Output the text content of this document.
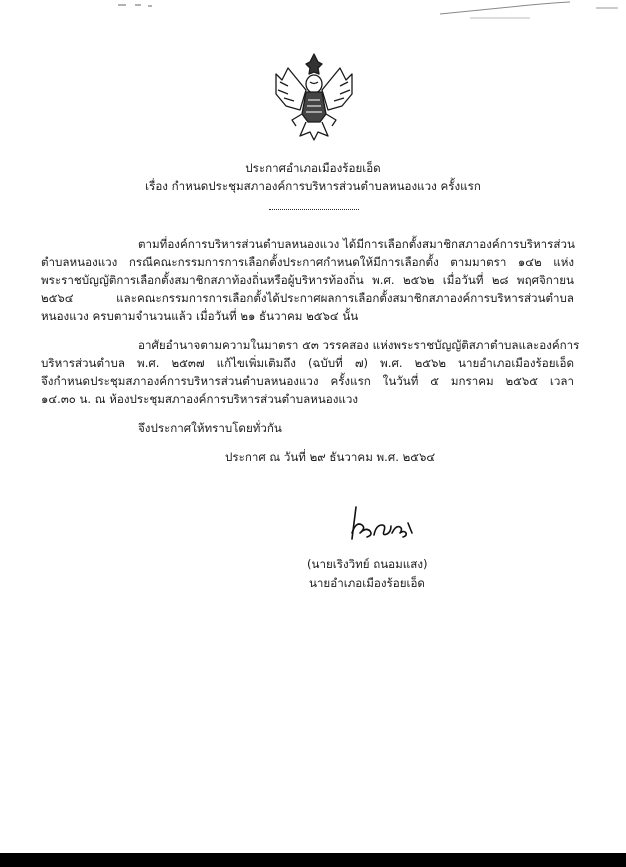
ประกาศอำเภอเมืองร้อยเอ็ด
เรื่อง กำหนดประชุมสภาองค์การบริหารส่วนตำบลหนองแวง ครั้งแรก
ตามที่องค์การบริหารส่วนตำบลหนองแวง ได้มีการเลือกตั้งสมาชิกสภาองค์การบริหารส่วน
ตำบลหนองแวง กรณีคณะกรรมการการเลือกตั้งประกาศกำหนดให้มีการเลือกตั้ง ตามมาตรา ๑๔๒ แห่ง
พระราชบัญญัติการเลือกตั้งสมาชิกสภาท้องถิ่นหรือผู้บริหารท้องถิ่น พ.ศ. ๒๕๖๒ เมื่อวันที่ ๒๘ พฤศจิกายน
๒๕๖๔ และคณะกรรมการการเลือกตั้งได้ประกาศผลการเลือกตั้งสมาชิกสภาองค์การบริหารส่วนตำบล
หนองแวง ครบตามจำนวนแล้ว เมื่อวันที่ ๒๑ ธันวาคม ๒๕๖๔ นั้น
อาศัยอำนาจตามความในมาตรา ๕๓ วรรคสอง แห่งพระราชบัญญัติสภาตำบลและองค์การ
บริหารส่วนตำบล พ.ศ. ๒๕๓๗ แก้ไขเพิ่มเติมถึง (ฉบับที่ ๗) พ.ศ. ๒๕๖๒ นายอำเภอเมืองร้อยเอ็ด
จึงกำหนดประชุมสภาองค์การบริหารส่วนตำบลหนองแวง ครั้งแรก ในวันที่ ๕ มกราคม ๒๕๖๕ เวลา
๑๔.๓๐ น. ณ ห้องประชุมสภาองค์การบริหารส่วนตำบลหนองแวง
จึงประกาศให้ทราบโดยทั่วกัน
ประกาศ ณ วันที่ ๒๙ ธันวาคม พ.ศ. ๒๕๖๔
(นายเริงวิทย์ ถนอมแสง)
นายอำเภอเมืองร้อยเอ็ด
